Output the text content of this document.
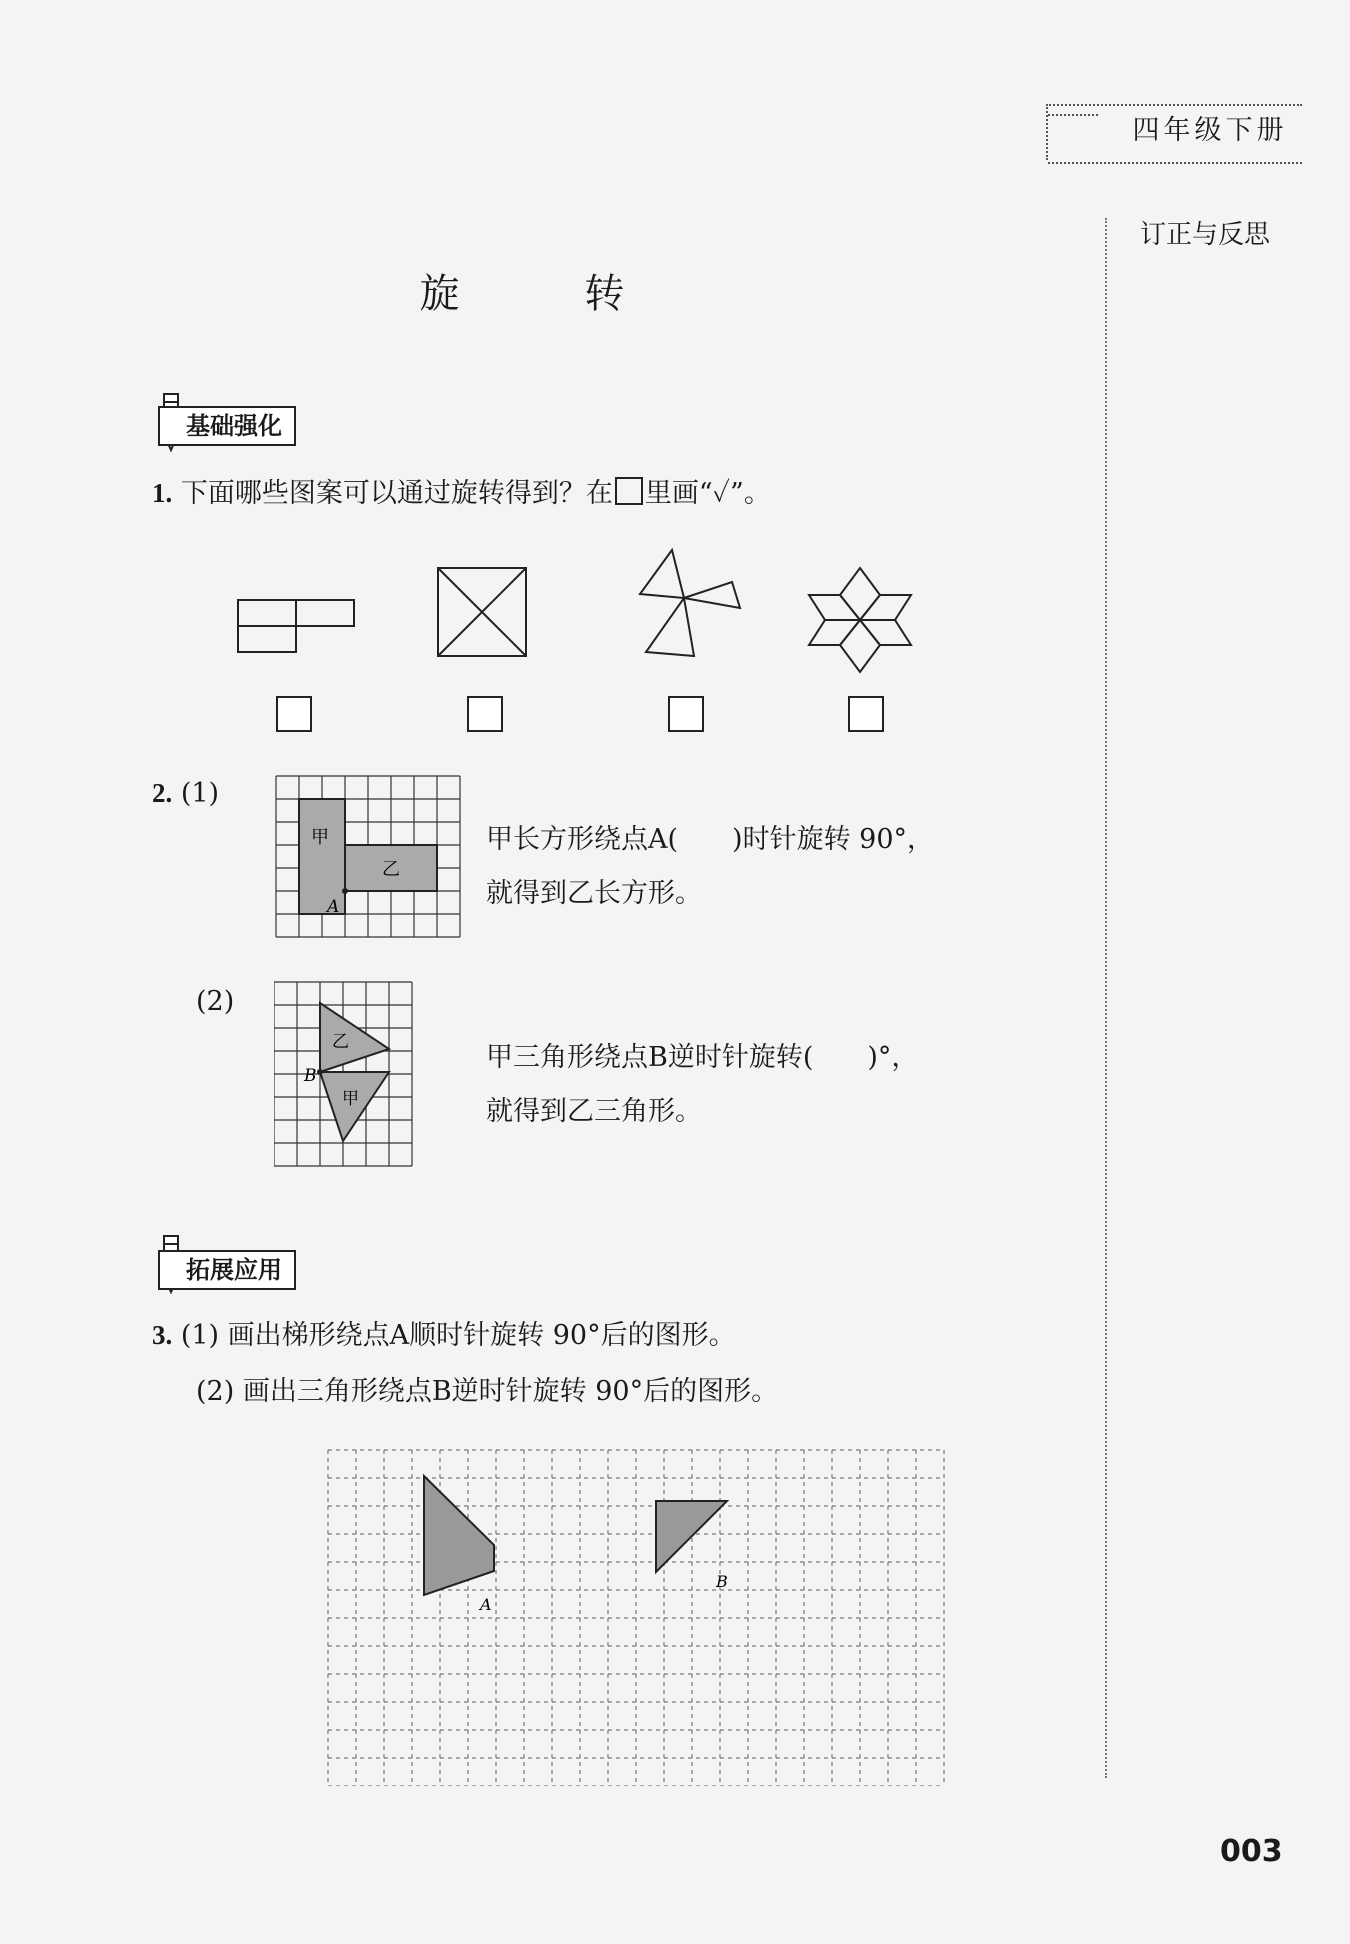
四年级下册
订正与反思
旋 转
基础强化
1. 下面哪些图案可以通过旋转得到？在 里画“✓”。
2. (1)
甲
乙
A
甲长方形绕点A(　　)时针旋转 90°，
就得到乙长方形。
(2)
乙
甲
B
甲三角形绕点B逆时针旋转(　　)°，
就得到乙三角形。
拓展应用
3. (1) 画出梯形绕点A顺时针旋转 90°后的图形。
(2) 画出三角形绕点B逆时针旋转 90°后的图形。
A
B
003
